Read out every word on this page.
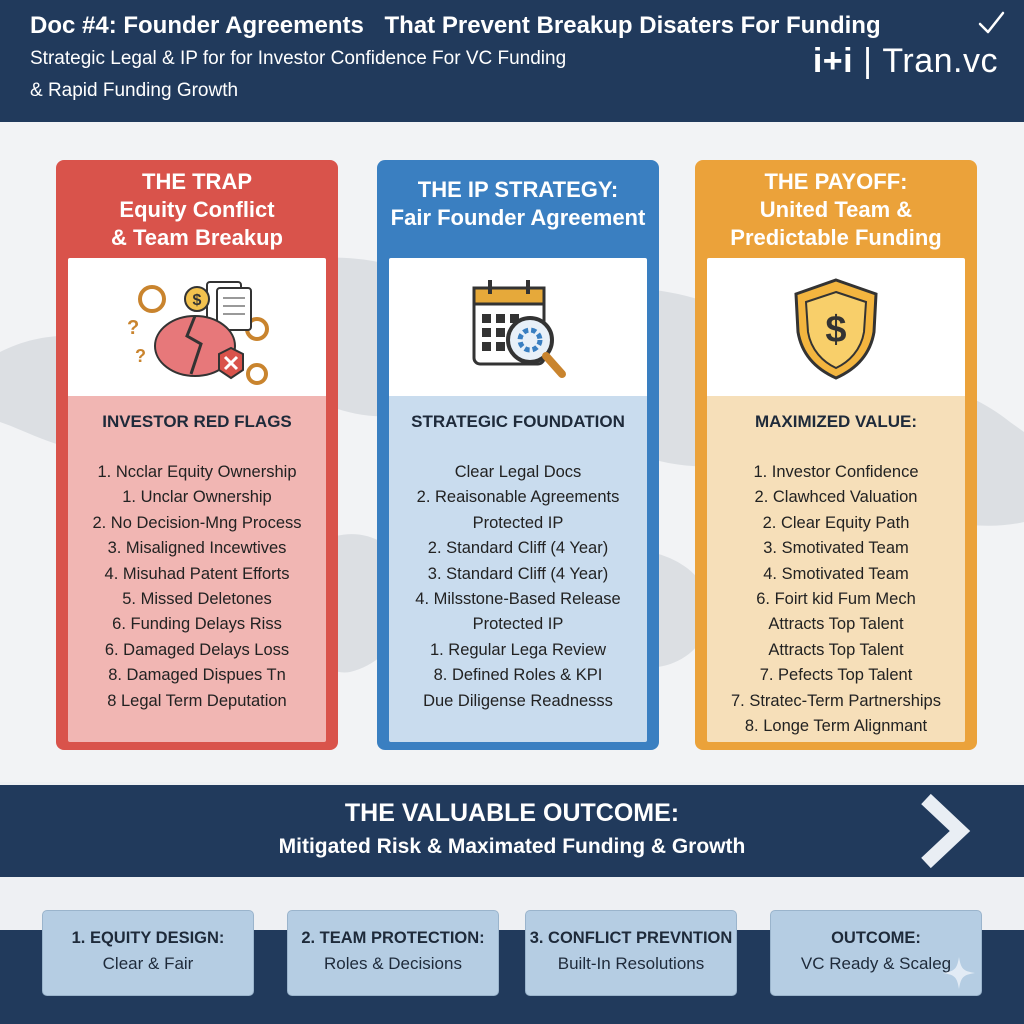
Doc #4: Founder Agreements That Prevent Breakup Disaters For Funding
Strategic Legal & IP for for Investor Confidence For VC Funding
& Rapid Funding Growth
i+i | Tran.vc
THE TRAP
Equity Conflict
& Team Breakup
$
?
?
INVESTOR RED FLAGS
1. Ncclar Equity Ownership
1. Unclar Ownership
2. No Decision-Mng Process
3. Misaligned Incewtives
4. Misuhad Patent Efforts
5. Missed Deletones
6. Funding Delays Riss
6. Damaged Delays Loss
8. Damaged Dispues Tn
8 Legal Term Deputation
THE IP STRATEGY:
Fair Founder Agreement
STRATEGIC FOUNDATION
Clear Legal Docs
2. Reaisonable Agreements
Protected IP
2. Standard Cliff (4 Year)
3. Standard Cliff (4 Year)
4. Milsstone-Based Release
Protected IP
1. Regular Lega Review
8. Defined Roles & KPI
Due Diligense Readnesss
THE PAYOFF:
United Team &
Predictable Funding
$
MAXIMIZED VALUE:
1. Investor Confidence
2. Clawhced Valuation
2. Clear Equity Path
3. Smotivated Team
4. Smotivated Team
6. Foirt kid Fum Mech
Attracts Top Talent
Attracts Top Talent
7. Pefects Top Talent
7. Stratec-Term Partnerships
8. Longe Term Alignmant
THE VALUABLE OUTCOME:
Mitigated Risk & Maximated Funding & Growth
1. EQUITY DESIGN:
Clear & Fair
2. TEAM PROTECTION:
Roles & Decisions
3. CONFLICT PREVNTION
Built-In Resolutions
OUTCOME:
VC Ready & Scaleg
